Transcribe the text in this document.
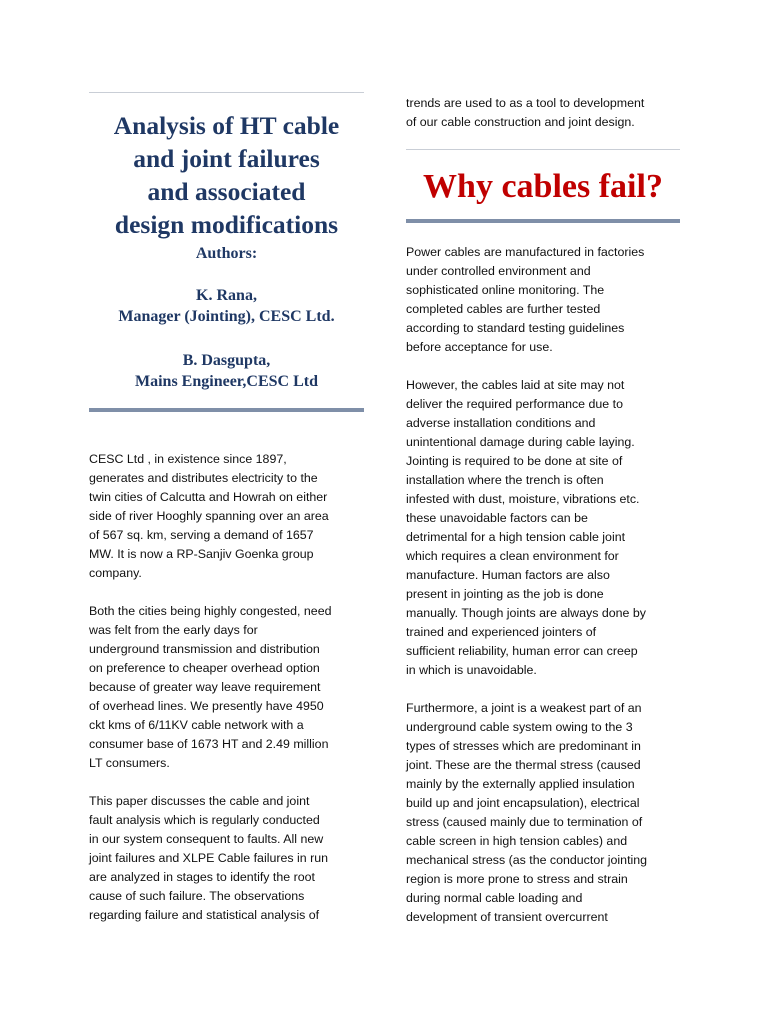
Analysis of HT cable
and joint failures
and associated
design modifications
Authors:
K. Rana,
Manager (Jointing), CESC Ltd.
B. Dasgupta,
Mains Engineer,CESC Ltd
CESC Ltd , in existence since 1897,
generates and distributes electricity to the
twin cities of Calcutta and Howrah on either
side of river Hooghly spanning over an area
of 567 sq. km, serving a demand of 1657
MW. It is now a RP-Sanjiv Goenka group
company.
Both the cities being highly congested, need
was felt from the early days for
underground transmission and distribution
on preference to cheaper overhead option
because of greater way leave requirement
of overhead lines. We presently have 4950
ckt kms of 6/11KV cable network with a
consumer base of 1673 HT and 2.49 million
LT consumers.
This paper discusses the cable and joint
fault analysis which is regularly conducted
in our system consequent to faults. All new
joint failures and XLPE Cable failures in run
are analyzed in stages to identify the root
cause of such failure. The observations
regarding failure and statistical analysis of
trends are used to as a tool to development
of our cable construction and joint design.
Why cables fail?
Power cables are manufactured in factories
under controlled environment and
sophisticated online monitoring. The
completed cables are further tested
according to standard testing guidelines
before acceptance for use.
However, the cables laid at site may not
deliver the required performance due to
adverse installation conditions and
unintentional damage during cable laying.
Jointing is required to be done at site of
installation where the trench is often
infested with dust, moisture, vibrations etc.
these unavoidable factors can be
detrimental for a high tension cable joint
which requires a clean environment for
manufacture. Human factors are also
present in jointing as the job is done
manually. Though joints are always done by
trained and experienced jointers of
sufficient reliability, human error can creep
in which is unavoidable.
Furthermore, a joint is a weakest part of an
underground cable system owing to the 3
types of stresses which are predominant in
joint. These are the thermal stress (caused
mainly by the externally applied insulation
build up and joint encapsulation), electrical
stress (caused mainly due to termination of
cable screen in high tension cables) and
mechanical stress (as the conductor jointing
region is more prone to stress and strain
during normal cable loading and
development of transient overcurrent
